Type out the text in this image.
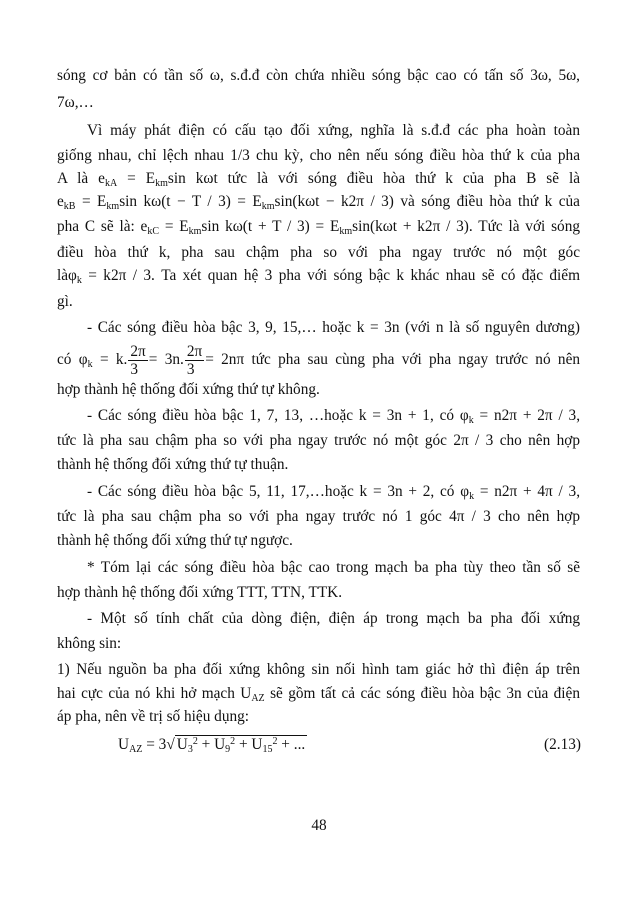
sóng cơ bản có tần số ω, s.đ.đ còn chứa nhiều sóng bậc cao có tấn số 3ω, 5ω,
7ω,…
Vì máy phát điện có cấu tạo đối xứng, nghĩa là s.đ.đ các pha hoàn toàn
giống nhau, chỉ lệch nhau 1/3 chu kỳ, cho nên nếu sóng điều hòa thứ k của pha
A là $e_{kA} = E_{km}\sin$ kωt tức là với sóng điều hòa thứ k của pha B sẽ là
$e_{kB} = E_{km}\sin$ $k\omega(t - T / 3) = E_{km}\sin(k\omega t - k2\pi / 3)$ và sóng điều hòa thứ k của
pha C sẽ là: $e_{kC} = E_{km}\sin$ $k\omega(t + T / 3) = E_{km}\sin(k\omega t + k2\pi / 3)$. Tức là với sóng
điều hòa thứ k, pha sau chậm pha so với pha ngay trước nó một góc
làφ$_k$ = k2π / 3. Ta xét quan hệ 3 pha với sóng bậc k khác nhau sẽ có đặc điểm
gì.
- Các sóng điều hòa bậc 3, 9, 15,… hoặc k = 3n (với n là số nguyên dương)
có $\varphi_k = k$. $\frac{2\pi}{3} = 3n$. $\frac{2\pi}{3} = 2n\pi$ tức pha sau cùng pha với pha ngay trước nó nên
hợp thành hệ thống đối xứng thứ tự không.
- Các sóng điều hòa bậc 1, 7, 13, …hoặc k = 3n + 1, có $\varphi_k = n2\pi + 2\pi / 3$,
tức là pha sau chậm pha so với pha ngay trước nó một góc 2π / 3 cho nên hợp
thành hệ thống đối xứng thứ tự thuận.
- Các sóng điều hòa bậc 5, 11, 17,…hoặc k = 3n + 2, có $\varphi_k = n2\pi + 4\pi / 3$,
tức là pha sau chậm pha so với pha ngay trước nó 1 góc 4π / 3 cho nên hợp
thành hệ thống đối xứng thứ tự ngược.
* Tóm lại các sóng điều hòa bậc cao trong mạch ba pha tùy theo tần số sẽ
hợp thành hệ thống đối xứng TTT, TTN, TTK.
- Một số tính chất của dòng điện, điện áp trong mạch ba pha đối xứng
không sin:
1) Nếu nguồn ba pha đối xứng không sin nối hình tam giác hở thì điện áp trên
hai cực của nó khi hở mạch $U_{AZ}$ sẽ gồm tất cả các sóng điều hòa bậc 3n của điện
áp pha, nên về trị số hiệu dụng:
$U_{AZ} = 3√$ $U_3^2 + U_9^2 + U_{15}^2$ + ...	(2.13)
48
